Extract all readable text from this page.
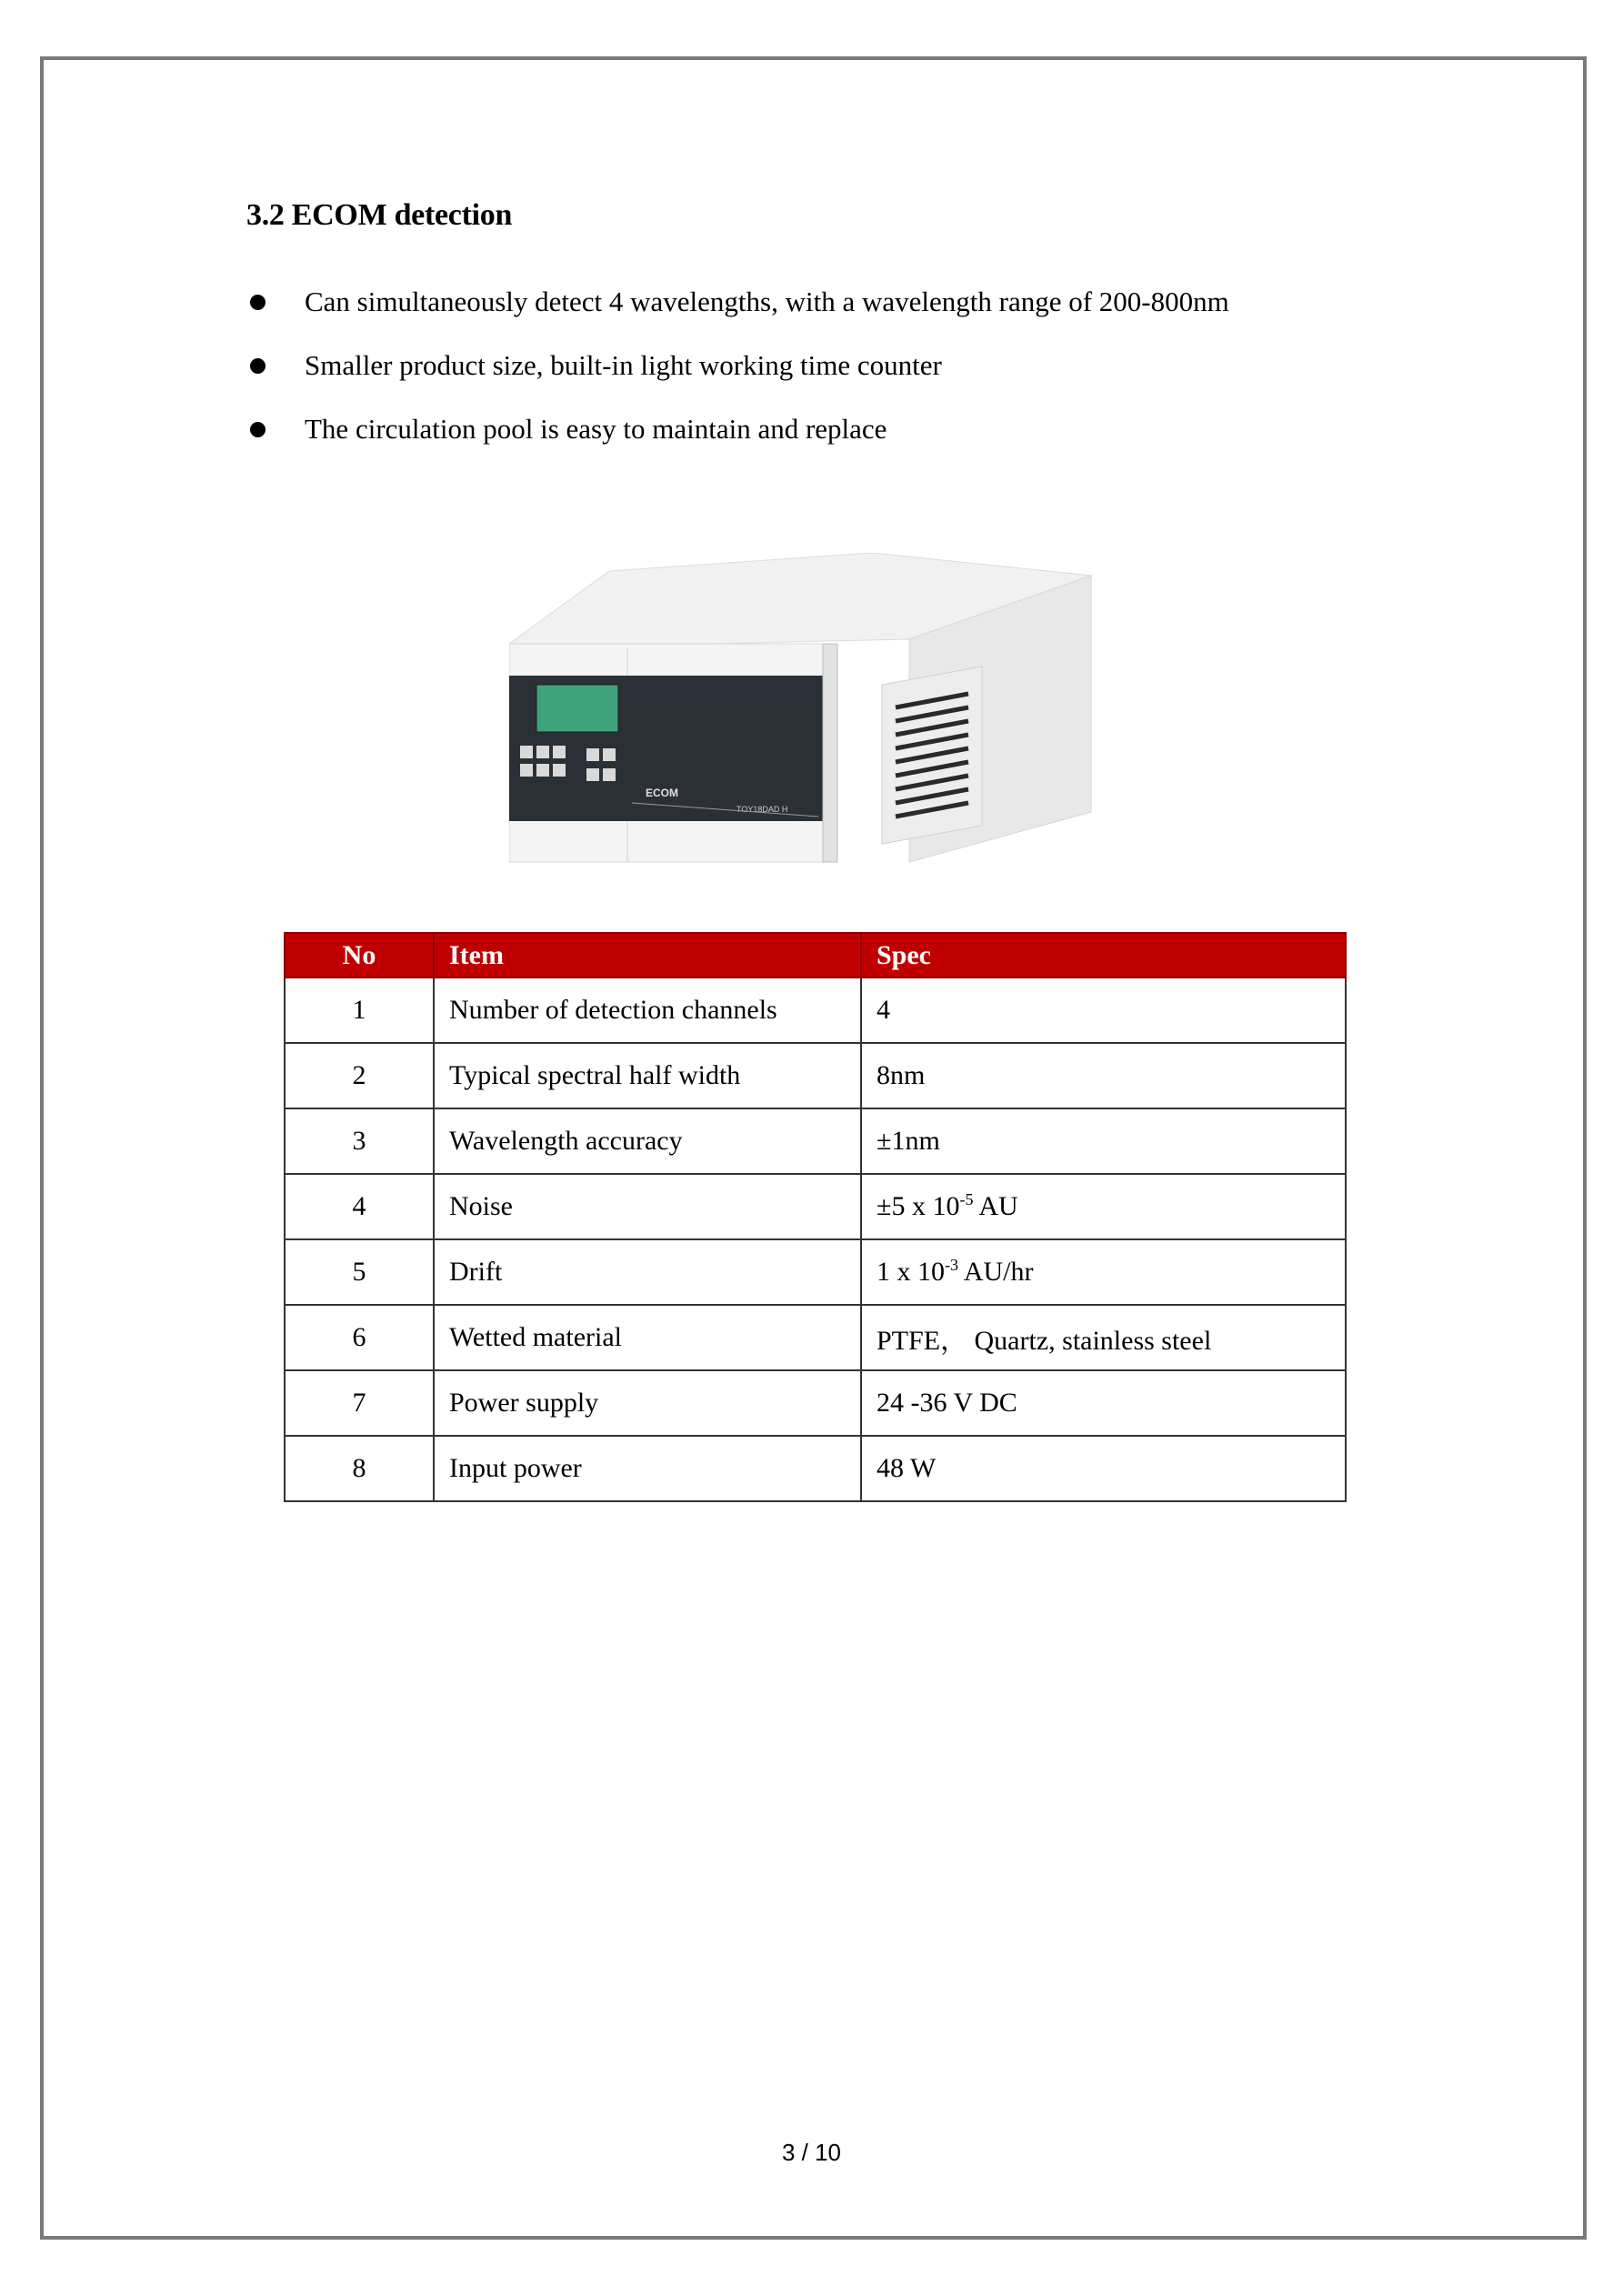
3.2 ECOM detection
Can simultaneously detect 4 wavelengths, with a wavelength range of 200-800nm
Smaller product size, built-in light working time counter
The circulation pool is easy to maintain and replace
ECOM
TOY18DAD H
No	Item	Spec
1	Number of detection channels	4
2	Typical spectral half width	8nm
3	Wavelength accuracy	±1nm
4	Noise	±5 x $10^{-5}$ AU
5	Drift	1 x $10^{-3}$ AU/hr
6	Wetted material	PTFE， Quartz, stainless steel
7	Power supply	24 -36 V DC
8	Input power	48 W
3 / 10
